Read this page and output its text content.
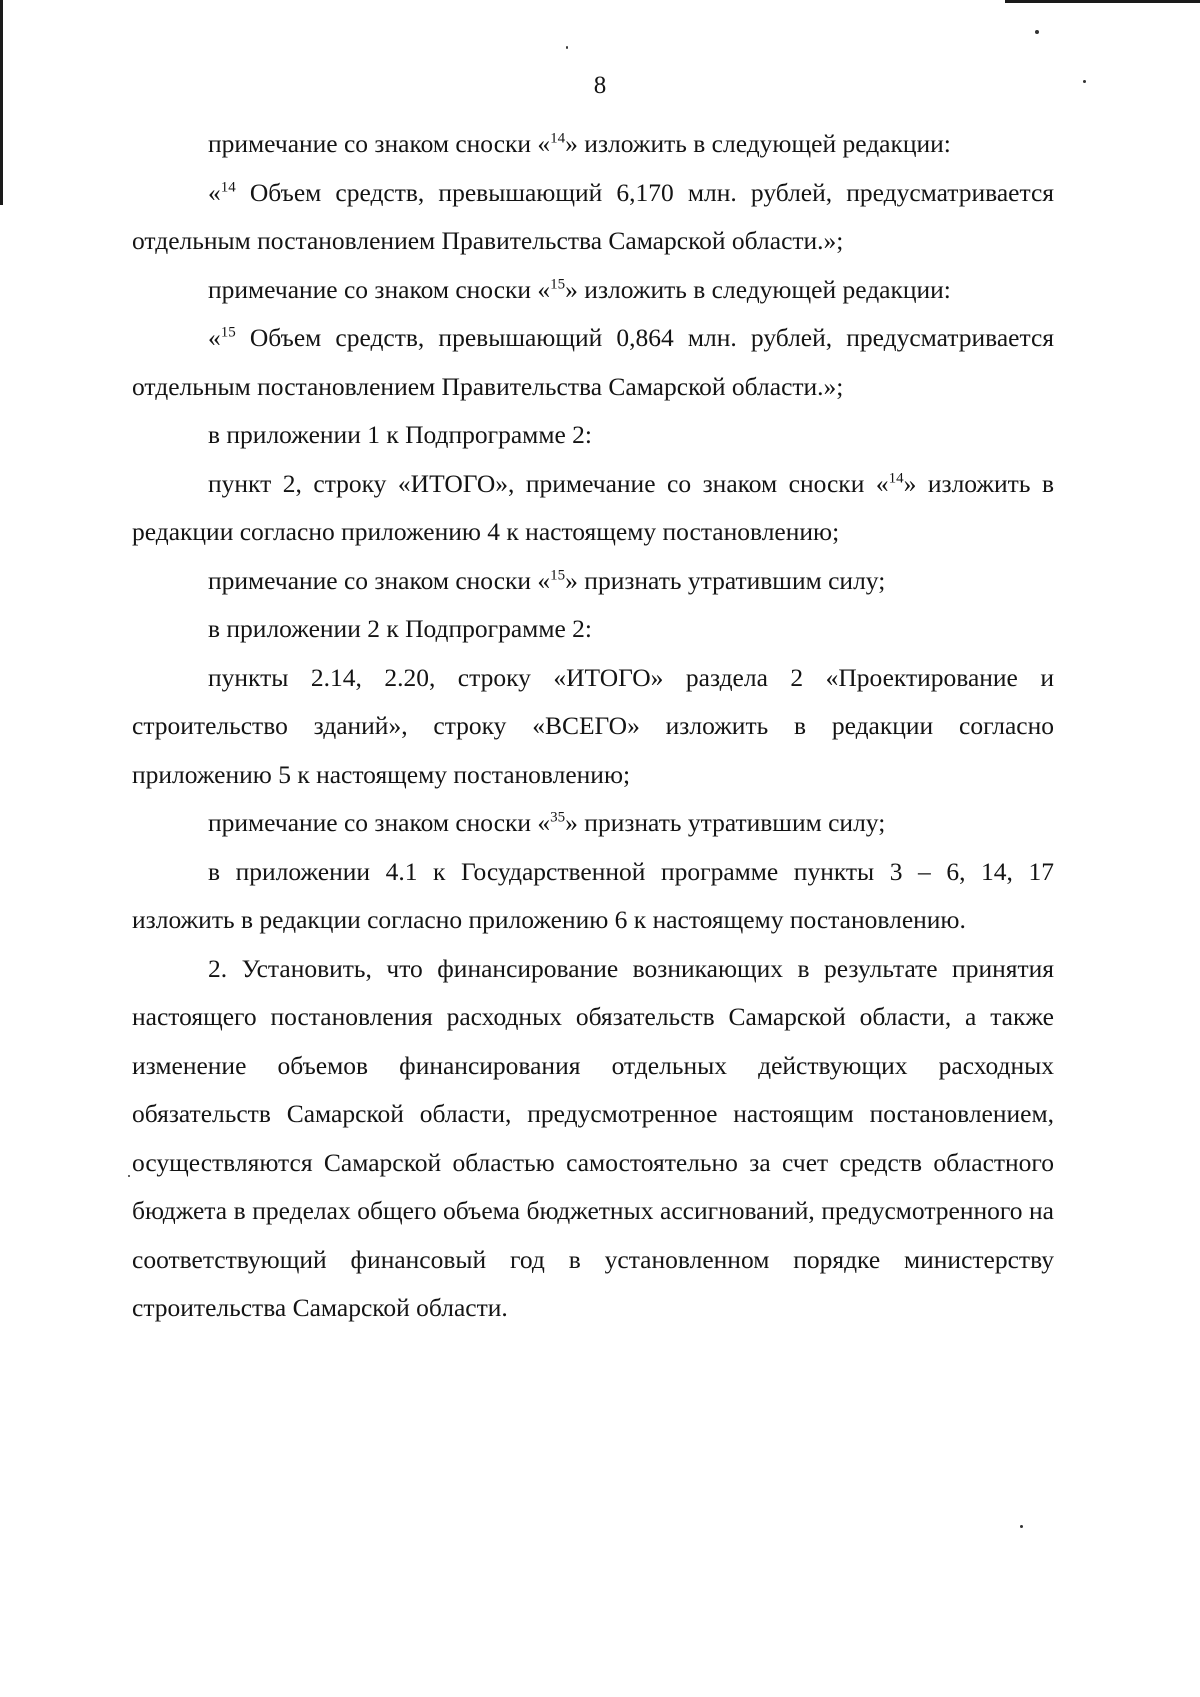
8

примечание со знаком сноски «$^{14}$» изложить в следующей редакции:

«$^{14}$ Объем средств, превышающий 6,170 млн. рублей, предусматривается отдельным постановлением Правительства Самарской области.»;

примечание со знаком сноски «$^{15}$» изложить в следующей редакции:

«$^{15}$ Объем средств, превышающий 0,864 млн. рублей, предусматривается отдельным постановлением Правительства Самарской области.»;

в приложении 1 к Подпрограмме 2:

пункт 2, строку «ИТОГО», примечание со знаком сноски «$^{14}$» изложить в редакции согласно приложению 4 к настоящему постановлению;

примечание со знаком сноски «$^{15}$» признать утратившим силу;

в приложении 2 к Подпрограмме 2:

пункты 2.14, 2.20, строку «ИТОГО» раздела 2 «Проектирование и строительство зданий», строку «ВСЕГО» изложить в редакции согласно приложению 5 к настоящему постановлению;

примечание со знаком сноски «$^{35}$» признать утратившим силу;

в приложении 4.1 к Государственной программе пункты 3 – 6, 14, 17 изложить в редакции согласно приложению 6 к настоящему постановлению.

2. Установить, что финансирование возникающих в результате принятия настоящего постановления расходных обязательств Самарской области, а также изменение объемов финансирования отдельных действующих расходных обязательств Самарской области, предусмотренное настоящим постановлением, осуществляются Самарской областью самостоятельно за счет средств областного бюджета в пределах общего объема бюджетных ассигнований, предусмотренного на соответствующий финансовый год в установленном порядке министерству строительства Самарской области.
